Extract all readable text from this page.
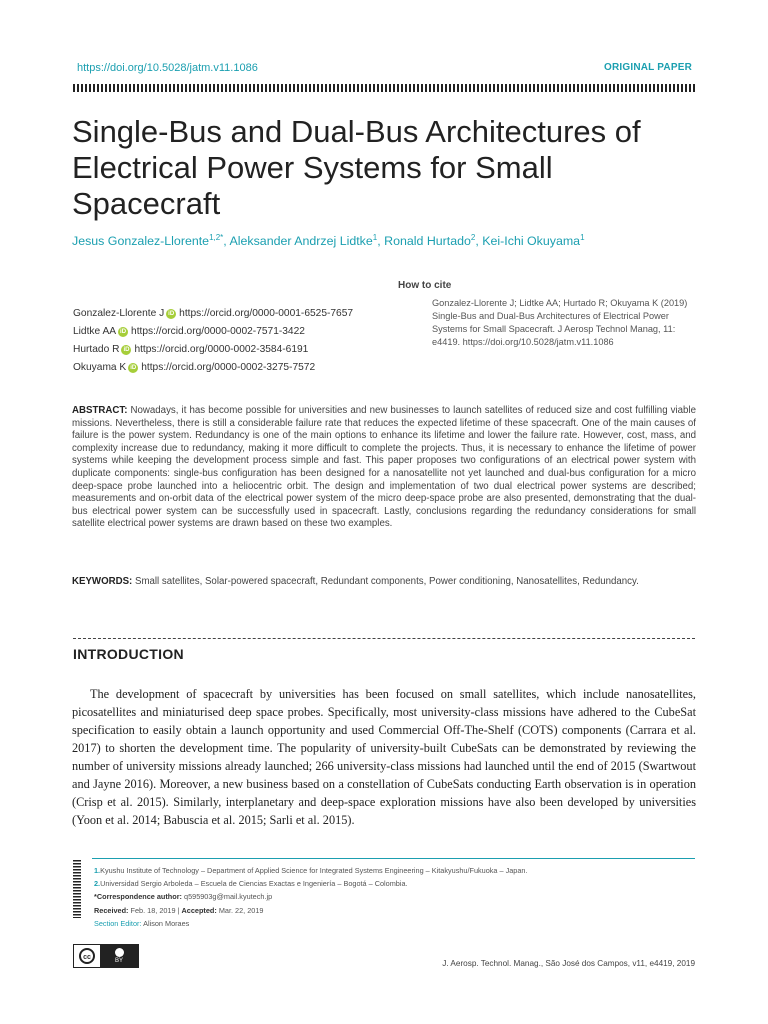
https://doi.org/10.5028/jatm.v11.1086	ORIGINAL PAPER
Single-Bus and Dual-Bus Architectures of Electrical Power Systems for Small Spacecraft
Jesus Gonzalez-Llorente$^{1,2*}$, Aleksander Andrzej Lidtke$^1$, Ronald Hurtado$^2$, Kei-Ichi Okuyama$^1$
How to cite
Gonzalez-Llorente J; Lidtke AA; Hurtado R; Okuyama K (2019) Single-Bus and Dual-Bus Architectures of Electrical Power Systems for Small Spacecraft. J Aerosp Technol Manag, 11: e4419. https://doi.org/10.5028/jatm.v11.1086
Gonzalez-Llorente J iD https://orcid.org/0000-0001-6525-7657
Lidtke AA iD https://orcid.org/0000-0002-7571-3422
Hurtado R iD https://orcid.org/0000-0002-3584-6191
Okuyama K iD https://orcid.org/0000-0002-3275-7572
ABSTRACT: Nowadays, it has become possible for universities and new businesses to launch satellites of reduced size and cost fulfilling viable missions. Nevertheless, there is still a considerable failure rate that reduces the expected lifetime of these spacecraft. One of the main causes of failure is the power system. Redundancy is one of the main options to enhance its lifetime and lower the failure rate. However, cost, mass, and complexity increase due to redundancy, making it more difficult to complete the projects. Thus, it is necessary to enhance the lifetime of power systems while keeping the development process simple and fast. This paper proposes two configurations of an electrical power system with duplicate components: single-bus configuration has been designed for a nanosatellite not yet launched and dual-bus configuration for a micro deep-space probe launched into a heliocentric orbit. The design and implementation of two dual electrical power systems are described; measurements and on-orbit data of the electrical power system of the micro deep-space probe are also presented, demonstrating that the dual-bus electrical power system can be successfully used in spacecraft. Lastly, conclusions regarding the redundancy considerations for small satellite electrical power systems are drawn based on these two examples.
KEYWORDS: Small satellites, Solar-powered spacecraft, Redundant components, Power conditioning, Nanosatellites, Redundancy.
INTRODUCTION
The development of spacecraft by universities has been focused on small satellites, which include nanosatellites, picosatellites and miniaturised deep space probes. Specifically, most university-class missions have adhered to the CubeSat specification to easily obtain a launch opportunity and used Commercial Off-The-Shelf (COTS) components (Carrara et al. 2017) to shorten the development time. The popularity of university-built CubeSats can be demonstrated by reviewing the number of university missions already launched; 266 university-class missions had launched until the end of 2015 (Swartwout and Jayne 2016). Moreover, a new business based on a constellation of CubeSats conducting Earth observation is in operation (Crisp et al. 2015). Similarly, interplanetary and deep-space exploration missions have also been developed by universities (Yoon et al. 2014; Babuscia et al. 2015; Sarli et al. 2015).
1.Kyushu Institute of Technology – Department of Applied Science for Integrated Systems Engineering – Kitakyushu/Fukuoka – Japan.
2.Universidad Sergio Arboleda – Escuela de Ciencias Exactas e Ingeniería – Bogotá – Colombia.
*Correspondence author: q595903g@mail.kyutech.jp
Received: Feb. 18, 2019 | Accepted: Mar. 22, 2019
Section Editor: Alison Moraes
cc	BY	J. Aerosp. Technol. Manag., São José dos Campos, v11, e4419, 2019
